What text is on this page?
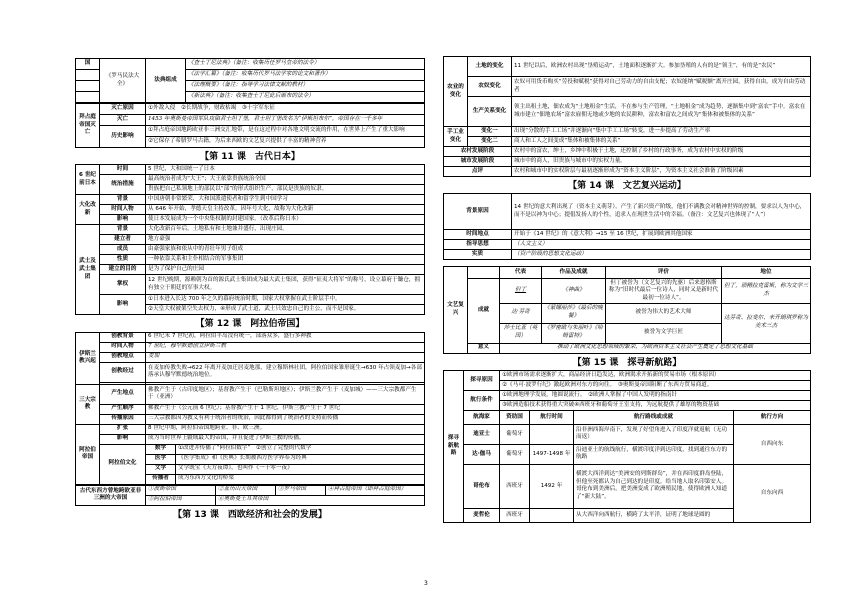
国	《罗马民法大全》	法典组成	《查士丁尼法典》（备注：收集历任罗马皇帝的法令）
			《法学汇纂》（备注：收集历代罗马法学家的论文和著作）
			《法理概要》（备注：指导学习法律文献的教材）
			《新法典》（备注：收集查士丁尼此后颁布的法令）
拜占庭帝国灭亡	灭亡原因	①外敌入侵　②长期战争，财政枯竭　③十字军东征
	灭亡	1453 年奥斯曼帝国军队攻陷君士坦丁堡，君士坦丁堡改名为“伊斯坦布尔”，帝国存在一千多年
	历史影响	①拜占庭帝国地跨欧亚非三洲交汇地带，是在这过程中对各地文明交流的作用，在世界上产生了重大影响
		②它保存了希腊罗马古籍，为后来西欧的文艺复兴提供了丰富的精神营养
【第 11 课　古代日本】
6 世纪前日本	时间	5 世纪，大和国统一了日本
	统治措施	最高统治者成为“大王”；大王依靠贵族统治全国
		贵族把自己私领地上的部民以“部”的形式组织生产，部民是贵族的奴隶。
大化改新	背景	中国唐朝非常繁荣，大和国派遣使者和留学生到中国学习
	时间人物	从 646 年开始，孝德天皇主持改革。因年号大化，故称为大化改新
	影响	使日本发展成为一个中央集权制的封建国家。（改革后称日本）
武士及武士集团	背景	大化改新百年后，土地私有和土地兼并盛行，出现庄园。
	建立者	地方豪强
	成员	由豪强家族和依从中的青壮年男子组成
	性质	一种依靠关系和主仆相结合的军事集团
	建立的目的	是为了保护自己的庄园
	掌权	12 世纪晚期，源赖朝为首的源氏武士集团成为最大武士集团，获得“征夷大将军”的称号，设立幕府于镰仓，拥有独立于朝廷的军事大权。
	影响	①日本进入长达 700 年之久的幕府统治时期，国家大权掌握在武士阶层手中。
		②天皇大权被架空失去权力，④形成了武士道，武士只效忠自己的主公，而不是国家。
【第 12 课　阿拉伯帝国】
伊斯兰教兴起	创教背景	6 世纪末 7 世纪初，阿拉伯半岛没有统一，部落众多，盛行多神教	
	时间人物	7 世纪，穆罕默德创立伊斯兰教	
	创教地点	麦加	
	创教经过	在麦加传教失败→622 年离开麦加迁居麦地那，建立穆斯林社团，阿拉伯国家雏形诞生→630 年占领麦加→各部落承认穆罕默德统治地位。	

三大宗教	产生地点	佛教产生于（古印度地区）；基督教产生于（巴勒斯坦地区）；伊斯兰教产生于（麦加城）——三大宗教都产生于（亚洲）	
	产生顺序	佛教产生于（公元前 6 世纪）；基督教产生于 1 世纪，伊斯兰教产生于 7 世纪	
	传播原因	三大宗教都因为教义有利于统治者的统治，因此都得到了统治者的支持而传播	
阿拉伯帝国	扩张	8 世纪中期，阿拉伯帝国地跨亚、非、欧三洲。	
	影响	成为当时世界上疆域最大的帝国，并且促进了伊斯兰教的传播。	
	阿拉伯文化	数学	①改进并传播了“阿拉伯数字”　②创立了完整的代数学
		医学	《医学集成》和《医典》长期被西方医学界奉为经典
		文学	文学既宝《天方夜谭》，也叫作《一千零一夜》
		传播者	成为东西方文化的桥梁
古代东西方曾地跨欧亚非三洲的大帝国	①波斯帝国	②亚历山大帝国	③罗马帝国	④拜占庭帝国（即拜占庭帝国）
	⑤阿拉伯帝国	⑥奥斯曼土耳其帝国		
【第 13 课　西欧经济和社会的发展】
农业的变化	土地的变化	11 世纪以后，欧洲农村出现“垦殖运动”，土地面积逐渐扩大。参加垦殖的人有的是“领主”，有的是“农民”
	农奴变化	农奴可用货币购买“劳役和赋税”获得对自己劳动力的自由支配；农奴能纳“赋税额”离开庄园，获得自由，成为自由劳动者
	生产关系变化	领主出租土地，佃农成为“土地租金”生活，不在参与生产管理，“土地租金”成为趋势，逐渐集中到“富农”手中。富农在城市建立“佃地农场”富农雇佣无地或少地的农民耕种，富农和富农之间成为“集体和被集体的关系”
手工业变化	变化一	出现“分散的手工工场”并逐渐向“集中手工工场”转变，进一步提高了劳动生产率
	变化二	商人和工人之间变成“集体和被集体的关系”
农村发展阶段		农村中的富农，绅士，乡绅中积极于土地，还控制了乡村的行政事务，成为农村中实权的阶级
城市发展阶段		城市中的商人，旧贵族与城市中的实权力量。
点评		农村和城市中的实权阶层与最初逐渐形成为“资本主义阶层”，为资本主义社会准备了阶级因素
【第 14 课　文艺复兴运动】
背景原因	14 世纪的意大利出现了（资本主义萌芽）。产生了新兴资产阶级，他们不满教会对精神世界的控制，要求以人为中心，而不是以神为中心；提倡发扬人的个性，追求人在现世生活中的幸福。（备注：文艺复兴也体现了“人”）
时间地点	开始于《14 世纪》的《意大利》→15 至 16 世纪，扩展到欧洲其他国家
指导思想	（人文主义）
实质	（资产阶级的思想文化运动）
文艺复兴		代表	作品及成就	评价	地位
	成就	但丁	《神曲》	但丁被誉为（文艺复兴的先驱）后来恩格斯称为“旧时代最后一位诗人，同时又是新时代最初一位诗人”。	但丁，琐精拉克雷斯，称为文学三杰
		达·芬奇	《蒙娜丽莎》《最后的晚餐》	被誉为伟大的艺术大师	达芬奇、拉斐尔、米开朗琪罗称为美术三杰
		莎士比亚（英国）	《罗密欧与朱丽叶》《哈姆雷特》	被誉为文学巨匠	
	意义	推动了欧洲文化思想领域的繁荣，为欧洲资本主义社会产生奠定了思想文化基础			
【第 15 课　探寻新航路】
探寻新航路	探寻原因	①欧洲市场需求逐渐扩大，商品经济日趋发达，欧洲渴求开拓新的贸易市场（根本原因）			
		②《马可·波罗行纪》激起欧洲对东方的向往。　③奥斯曼帝国阻断了东西方贸易商道。			
	航行条件	①欧洲地理学发展，地圆说流行。　②欧洲人掌握了中国人发明的指南针			
		③欧洲造船技术获得重大突破④西班牙和葡萄牙王室支持，为远航提供了雄厚的物资基础			
	航海家	资助国	航行时间	航行路线或成就	航行方向
	迪亚士	葡萄牙		沿非洲西海岸南下，发现了好望角进入了印度洋就返航（无功而返）	自西向东
	达·伽马	葡萄牙	1497-1498 年	沿迪亚士的航线航行，横渡印度洋到达印度，找到通往东方的航路	
	哥伦布	西班牙	1492 年	横渡大西洋到达“美洲安的列斯群岛”，并在西印度群岛登陆，但他至死都认为自己到达的是印度。给当地人取名印第安人。哥伦布到美洲后，把美洲变成了欧洲殖民地，使得欧洲人知道了“新大陆”。	自东向西
	麦哲伦	西班牙		从大西洋向西航行，横跨了太平洋，证明了地球是圆的	
3
